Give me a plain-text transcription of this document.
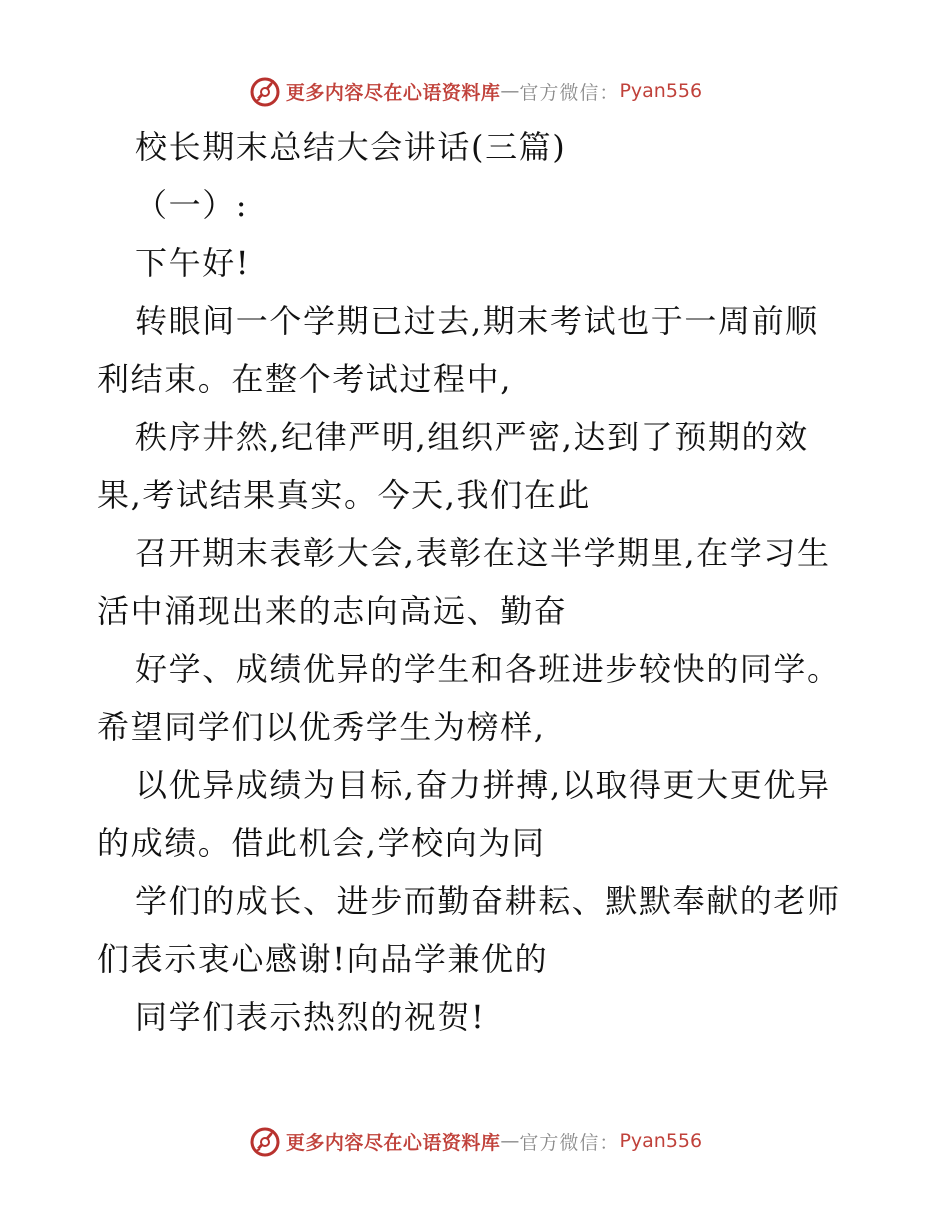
更多内容尽在心语资料库 — 官方微信： Pyan556
校长期末总结大会讲话(三篇)
（一）:
下午好!
转眼间一个学期已过去,期末考试也于一周前顺
利结束。在整个考试过程中,
秩序井然,纪律严明,组织严密,达到了预期的效
果,考试结果真实。今天,我们在此
召开期末表彰大会,表彰在这半学期里,在学习生
活中涌现出来的志向高远、勤奋
好学、成绩优异的学生和各班进步较快的同学。
希望同学们以优秀学生为榜样,
以优异成绩为目标,奋力拼搏,以取得更大更优异
的成绩。借此机会,学校向为同
学们的成长、进步而勤奋耕耘、默默奉献的老师
们表示衷心感谢!向品学兼优的
同学们表示热烈的祝贺!
更多内容尽在心语资料库 — 官方微信： Pyan556
